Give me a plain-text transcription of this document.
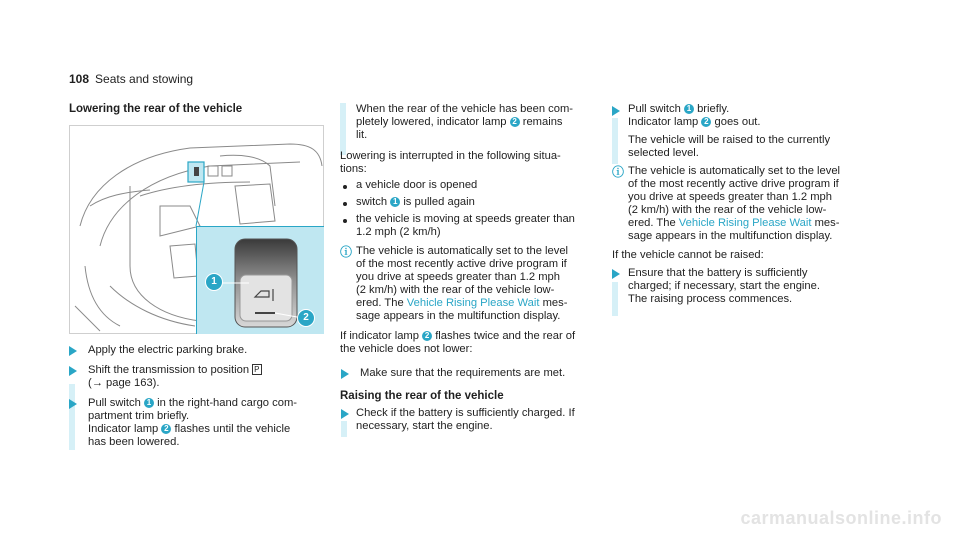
108 Seats and stowing
Lowering the rear of the vehicle
1
2
Apply the electric parking brake.
Shift the transmission to position P
(→ page 163).
Pull switch 1 in the right-hand cargo com-
partment trim briefly.
Indicator lamp 2 flashes until the vehicle
has been lowered.
When the rear of the vehicle has been com-
pletely lowered, indicator lamp 2 remains
lit.
Lowering is interrupted in the following situa-
tions:
a vehicle door is opened
switch 1 is pulled again
the vehicle is moving at speeds greater than
1.2 mph (2 km/h)
ⓘ The vehicle is automatically set to the level
of the most recently active drive program if
you drive at speeds greater than 1.2 mph
(2 km/h) with the rear of the vehicle low-
ered. The Vehicle Rising Please Wait mes-
sage appears in the multifunction display.
If indicator lamp 2 flashes twice and the rear of
the vehicle does not lower:
Make sure that the requirements are met.
Raising the rear of the vehicle
Check if the battery is sufficiently charged. If
necessary, start the engine.
Pull switch 1 briefly.
Indicator lamp 2 goes out.
The vehicle will be raised to the currently
selected level.
ⓘ The vehicle is automatically set to the level
of the most recently active drive program if
you drive at speeds greater than 1.2 mph
(2 km/h) with the rear of the vehicle low-
ered. The Vehicle Rising Please Wait mes-
sage appears in the multifunction display.
If the vehicle cannot be raised:
Ensure that the battery is sufficiently
charged; if necessary, start the engine.
The raising process commences.
carmanualsonline.info
